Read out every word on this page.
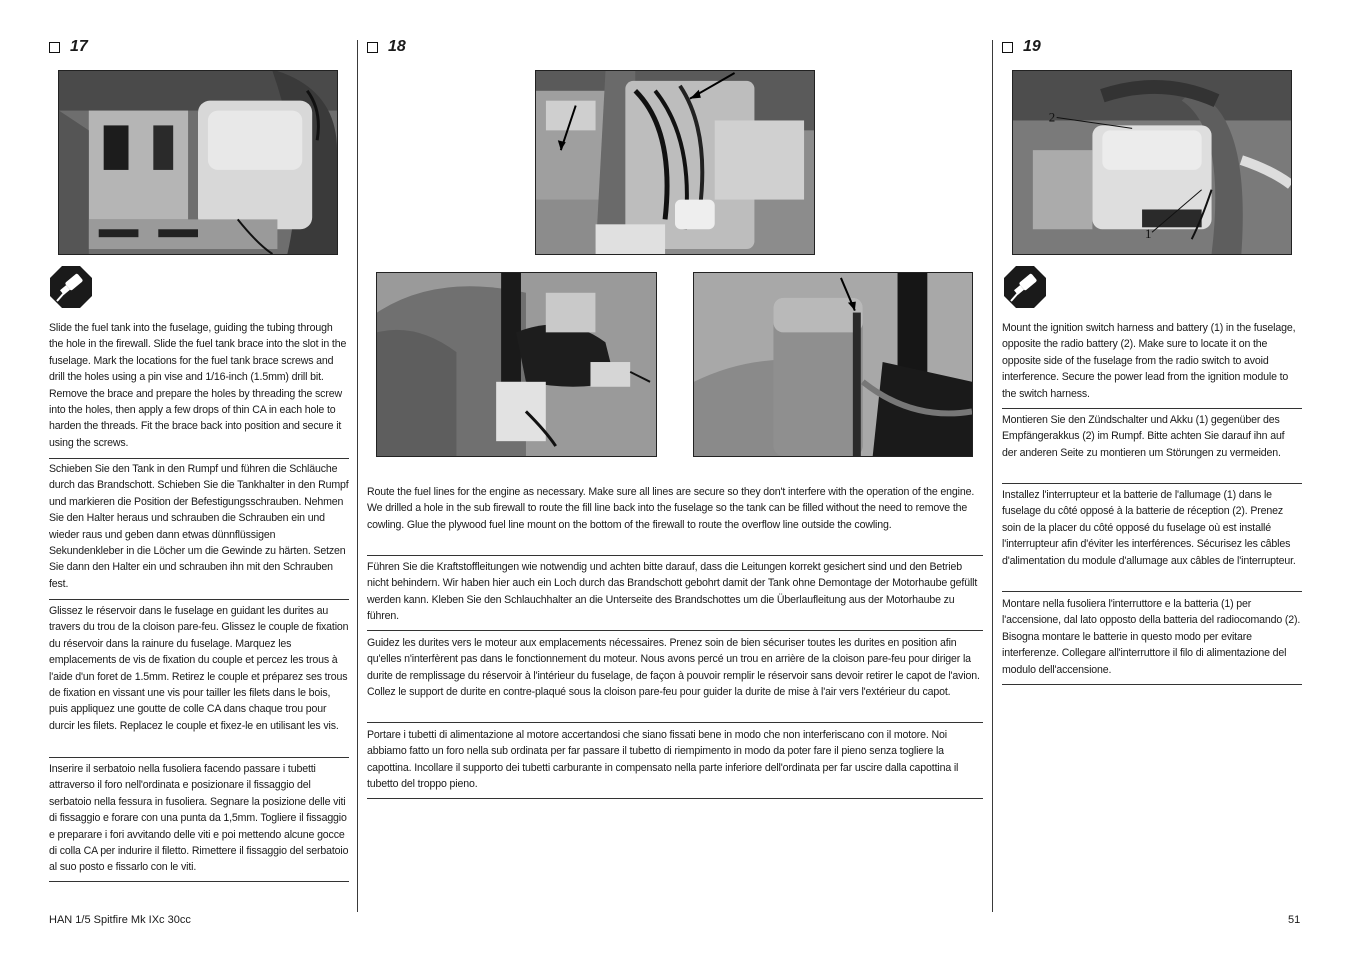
17
Slide the fuel tank into the fuselage, guiding the tubing through the hole in the firewall. Slide the fuel tank brace into the slot in the fuselage. Mark the locations for the fuel tank brace screws and drill the holes using a pin vise and 1/16-inch (1.5mm) drill bit. Remove the brace and prepare the holes by threading the screw into the holes, then apply a few drops of thin CA in each hole to harden the threads. Fit the brace back into position and secure it using the screws.
Schieben Sie den Tank in den Rumpf und führen die Schläuche durch das Brandschott. Schieben Sie die Tankhalter in den Rumpf und markieren die Position der Befestigungsschrauben. Nehmen Sie den Halter heraus und schrauben die Schrauben ein und wieder raus und geben dann etwas dünnflüssigen Sekundenkleber in die Löcher um die Gewinde zu härten. Setzen Sie dann den Halter ein und schrauben ihn mit den Schrauben fest.
Glissez le réservoir dans le fuselage en guidant les durites au travers du trou de la cloison pare-feu. Glissez le couple de fixation du réservoir dans la rainure du fuselage. Marquez les emplacements de vis de fixation du couple et percez les trous à l'aide d'un foret de 1.5mm. Retirez le couple et préparez ses trous de fixation en vissant une vis pour tailler les filets dans le bois, puis appliquez une goutte de colle CA dans chaque trou pour durcir les filets. Replacez le couple et fixez-le en utilisant les vis.
Inserire il serbatoio nella fusoliera facendo passare i tubetti attraverso il foro nell'ordinata e posizionare il fissaggio del serbatoio nella fessura in fusoliera. Segnare la posizione delle viti di fissaggio e forare con una punta da 1,5mm. Togliere il fissaggio e preparare i fori avvitando delle viti e poi mettendo alcune gocce di colla CA per indurire il filetto. Rimettere il fissaggio del serbatoio al suo posto e fissarlo con le viti.
18
Route the fuel lines for the engine as necessary. Make sure all lines are secure so they don't interfere with the operation of the engine. We drilled a hole in the sub firewall to route the fill line back into the fuselage so the tank can be filled without the need to remove the cowling. Glue the plywood fuel line mount on the bottom of the firewall to route the overflow line outside the cowling.
Führen Sie die Kraftstoffleitungen wie notwendig und achten bitte darauf, dass die Leitungen korrekt gesichert sind und den Betrieb nicht behindern. Wir haben hier auch ein Loch durch das Brandschott gebohrt damit der Tank ohne Demontage der Motorhaube gefüllt werden kann. Kleben Sie den Schlauchhalter an die Unterseite des Brandschottes um die Überlaufleitung aus der Motorhaube zu führen.
Guidez les durites vers le moteur aux emplacements nécessaires. Prenez soin de bien sécuriser toutes les durites en position afin qu'elles n'interfèrent pas dans le fonctionnement du moteur. Nous avons percé un trou en arrière de la cloison pare-feu pour diriger la durite de remplissage du réservoir à l'intérieur du fuselage, de façon à pouvoir remplir le réservoir sans devoir retirer le capot de l'avion. Collez le support de durite en contre-plaqué sous la cloison pare-feu pour guider la durite de mise à l'air vers l'extérieur du capot.
Portare i tubetti di alimentazione al motore accertandosi che siano fissati bene in modo che non interferiscano con il motore. Noi abbiamo fatto un foro nella sub ordinata per far passare il tubetto di riempimento in modo da poter fare il pieno senza togliere la capottina. Incollare il supporto dei tubetti carburante in compensato nella parte inferiore dell'ordinata per far uscire dalla capottina il tubetto del troppo pieno.
19
2
1
Mount the ignition switch harness and battery (1) in the fuselage, opposite the radio battery (2). Make sure to locate it on the opposite side of the fuselage from the radio switch to avoid interference. Secure the power lead from the ignition module to the switch harness.
Montieren Sie den Zündschalter und Akku (1) gegenüber des Empfängerakkus (2) im Rumpf. Bitte achten Sie darauf ihn auf der anderen Seite zu montieren um Störungen zu vermeiden.
Installez l'interrupteur et la batterie de l'allumage (1) dans le fuselage du côté opposé à la batterie de réception (2). Prenez soin de la placer du côté opposé du fuselage où est installé l'interrupteur afin d'éviter les interférences. Sécurisez les câbles d'alimentation du module d'allumage aux câbles de l'interrupteur.
Montare nella fusoliera l'interruttore e la batteria (1) per l'accensione, dal lato opposto della batteria del radiocomando (2). Bisogna montare le batterie in questo modo per evitare interferenze. Collegare all'interruttore il filo di alimentazione del modulo dell'accensione.
HAN 1/5 Spitfire Mk IXc 30cc	51
